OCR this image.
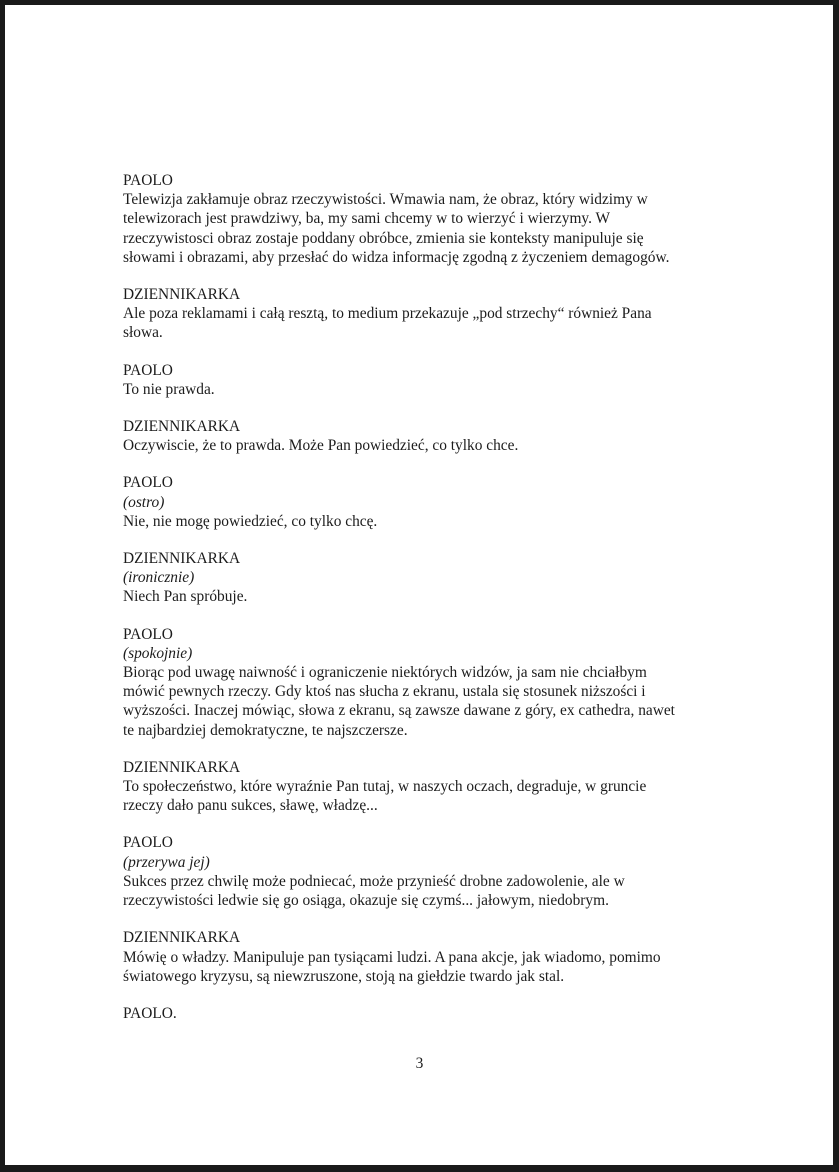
PAOLO
Telewizja zakłamuje obraz rzeczywistości. Wmawia nam, że obraz, który widzimy w
telewizorach jest prawdziwy, ba, my sami chcemy w to wierzyć i wierzymy. W
rzeczywistosci obraz zostaje poddany obróbce, zmienia sie konteksty manipuluje się
słowami i obrazami, aby przesłać do widza informację zgodną z życzeniem demagogów.
DZIENNIKARKA
Ale poza reklamami i całą resztą, to medium przekazuje „pod strzechy“ również Pana
słowa.
PAOLO
To nie prawda.
DZIENNIKARKA
Oczywiscie, że to prawda. Może Pan powiedzieć, co tylko chce.
PAOLO
(ostro)
Nie, nie mogę powiedzieć, co tylko chcę.
DZIENNIKARKA
(ironicznie)
Niech Pan spróbuje.
PAOLO
(spokojnie)
Biorąc pod uwagę naiwność i ograniczenie niektórych widzów, ja sam nie chciałbym
mówić pewnych rzeczy. Gdy ktoś nas słucha z ekranu, ustala się stosunek niższości i
wyższości. Inaczej mówiąc, słowa z ekranu, są zawsze dawane z góry, ex cathedra, nawet
te najbardziej demokratyczne, te najszczersze.
DZIENNIKARKA
To społeczeństwo, które wyraźnie Pan tutaj, w naszych oczach, degraduje, w gruncie
rzeczy dało panu sukces, sławę, władzę...
PAOLO
(przerywa jej)
Sukces przez chwilę może podniecać, może przynieść drobne zadowolenie, ale w
rzeczywistości ledwie się go osiąga, okazuje się czymś... jałowym, niedobrym.
DZIENNIKARKA
Mówię o władzy. Manipuluje pan tysiącami ludzi. A pana akcje, jak wiadomo, pomimo
światowego kryzysu, są niewzruszone, stoją na giełdzie twardo jak stal.
PAOLO.
3
